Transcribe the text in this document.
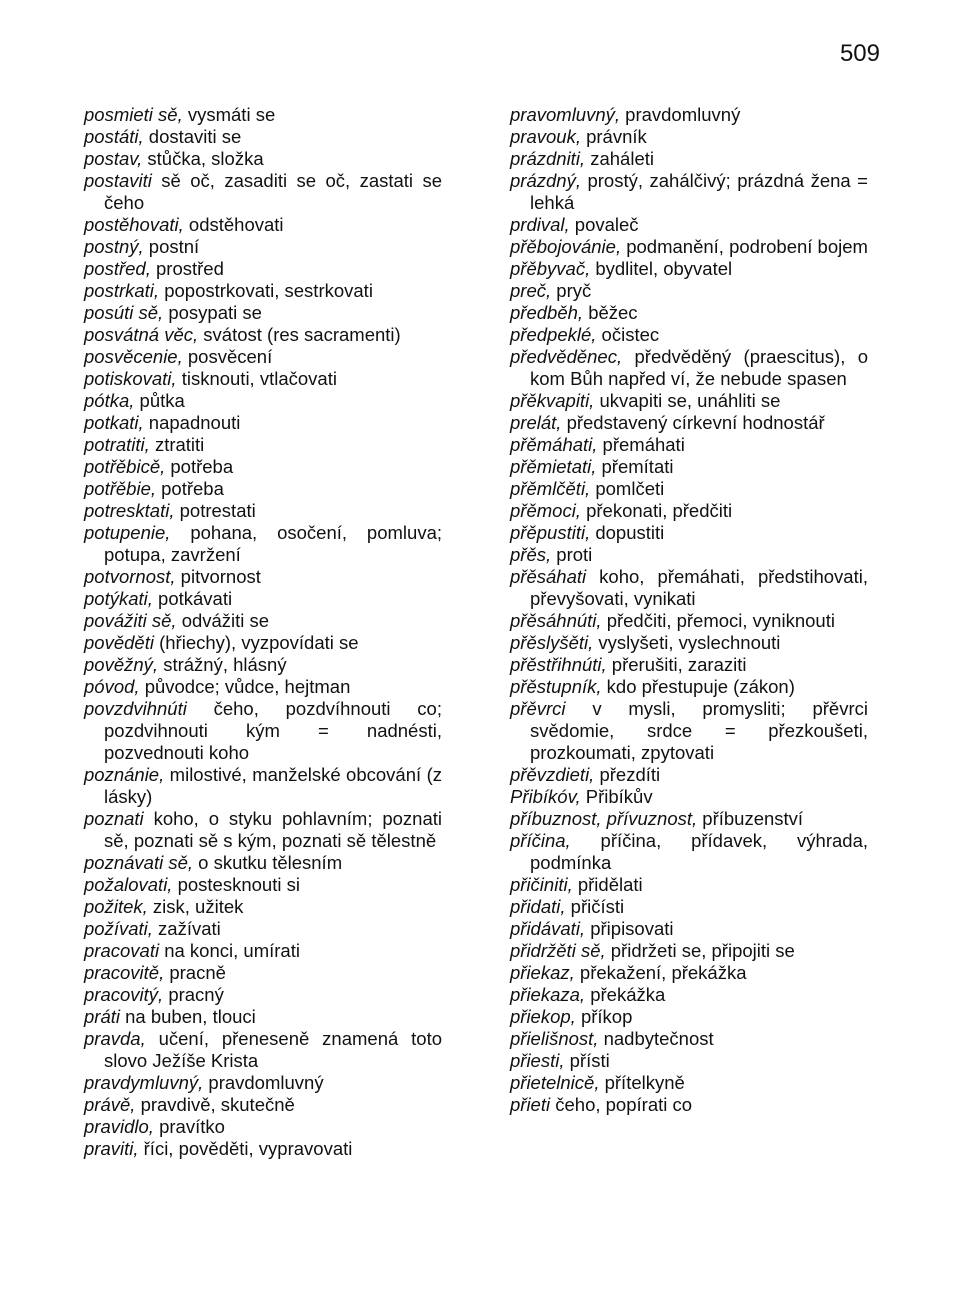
509

posmieti sě, vysmáti se

postáti, dostaviti se

postav, stůčka, složka

postaviti sě oč, zasaditi se oč, zastati se čeho

postěhovati, odstěhovati

postný, postní

postřed, prostřed

postrkati, popostrkovati, sestrkovati

posúti sě, posypati se

posvátná věc, svátost (res sacramenti)

posvěcenie, posvěcení

potiskovati, tisknouti, vtlačovati

pótka, půtka

potkati, napadnouti

potratiti, ztratiti

potřěbicě, potřeba

potřěbie, potřeba

potresktati, potrestati

potupenie, pohana, osočení, pomluva; potupa, zavržení

potvornost, pitvornost

potýkati, potkávati

povážiti sě, odvážiti se

pověděti (hřiechy), vyzpovídati se

pověžný, strážný, hlásný

póvod, původce; vůdce, hejtman

povzdvihnúti čeho, pozdvíhnouti co; pozdvihnouti kým = nadnésti, pozvednouti koho

poznánie, milostivé, manželské obcování (z lásky)

poznati koho, o styku pohlavním; poznati sě, poznati sě s kým, poznati sě tělestně

poznávati sě, o skutku tělesním

požalovati, postesknouti si

požitek, zisk, užitek

požívati, zažívati

pracovati na konci, umírati

pracovitě, pracně

pracovitý, pracný

práti na buben, tlouci

pravda, učení, přeneseně znamená toto slovo Ježíše Krista

pravdymluvný, pravdomluvný

právě, pravdivě, skutečně

pravidlo, pravítko

praviti, říci, pověděti, vypravovati

pravomluvný, pravdomluvný

pravouk, právník

prázdniti, zaháleti

prázdný, prostý, zahálčivý; prázdná žena = lehká

prdival, povaleč

přěbojovánie, podmanění, podrobení bojem

přěbyvač, bydlitel, obyvatel

preč, pryč

předběh, běžec

předpeklé, očistec

předvěděnec, předvěděný (praescitus), o kom Bůh napřed ví, že nebude spasen

přěkvapiti, ukvapiti se, unáhliti se

prelát, představený církevní hodnostář

přěmáhati, přemáhati

přěmietati, přemítati

přěmlčěti, pomlčeti

přěmoci, překonati, předčiti

přěpustiti, dopustiti

přěs, proti

přěsáhati koho, přemáhati, předstihovati, převyšovati, vynikati

přěsáhnúti, předčiti, přemoci, vyniknouti

přěslyšěti, vyslyšeti, vyslechnouti

přěstřihnúti, přerušiti, zaraziti

přěstupník, kdo přestupuje (zákon)

přěvrci v mysli, promysliti; přěvrci svědomie, srdce = přezkoušeti, prozkoumati, zpytovati

přěvzdieti, přezdíti

Přibíkóv, Přibíkův

příbuznost, přívuznost, příbuzenství

příčina, příčina, přídavek, výhrada, podmínka

přičiniti, přidělati

přidati, přičísti

přidávati, připisovati

přidržěti sě, přidržeti se, připojiti se

přiekaz, překažení, překážka

přiekaza, překážka

přiekop, příkop

přielišnost, nadbytečnost

přiesti, přísti

přietelnicě, přítelkyně

přieti čeho, popírati co
